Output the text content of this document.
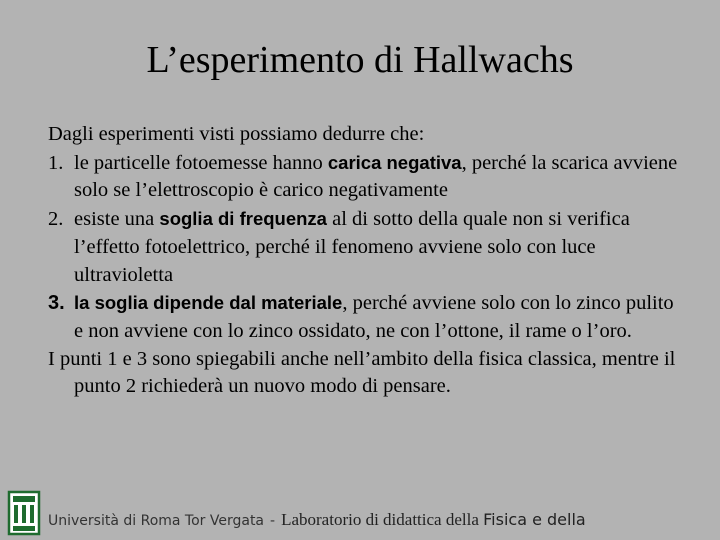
L’esperimento di Hallwachs
Dagli esperimenti visti possiamo dedurre che:
1. le particelle fotoemesse hanno carica negativa, perché la scarica avviene solo se l’elettroscopio è carico negativamente
2. esiste una soglia di frequenza al di sotto della quale non si verifica l’effetto fotoelettrico, perché il fenomeno avviene solo con luce ultravioletta
3. la soglia dipende dal materiale, perché avviene solo con lo zinco pulito e non avviene con lo zinco ossidato, ne con l’ottone, il rame o l’oro.
I punti 1 e 3 sono spiegabili anche nell’ambito della fisica classica, mentre il punto 2 richiederà un nuovo modo di pensare.
Università di Roma Tor Vergata - Laboratorio di didattica della Fisica e della
